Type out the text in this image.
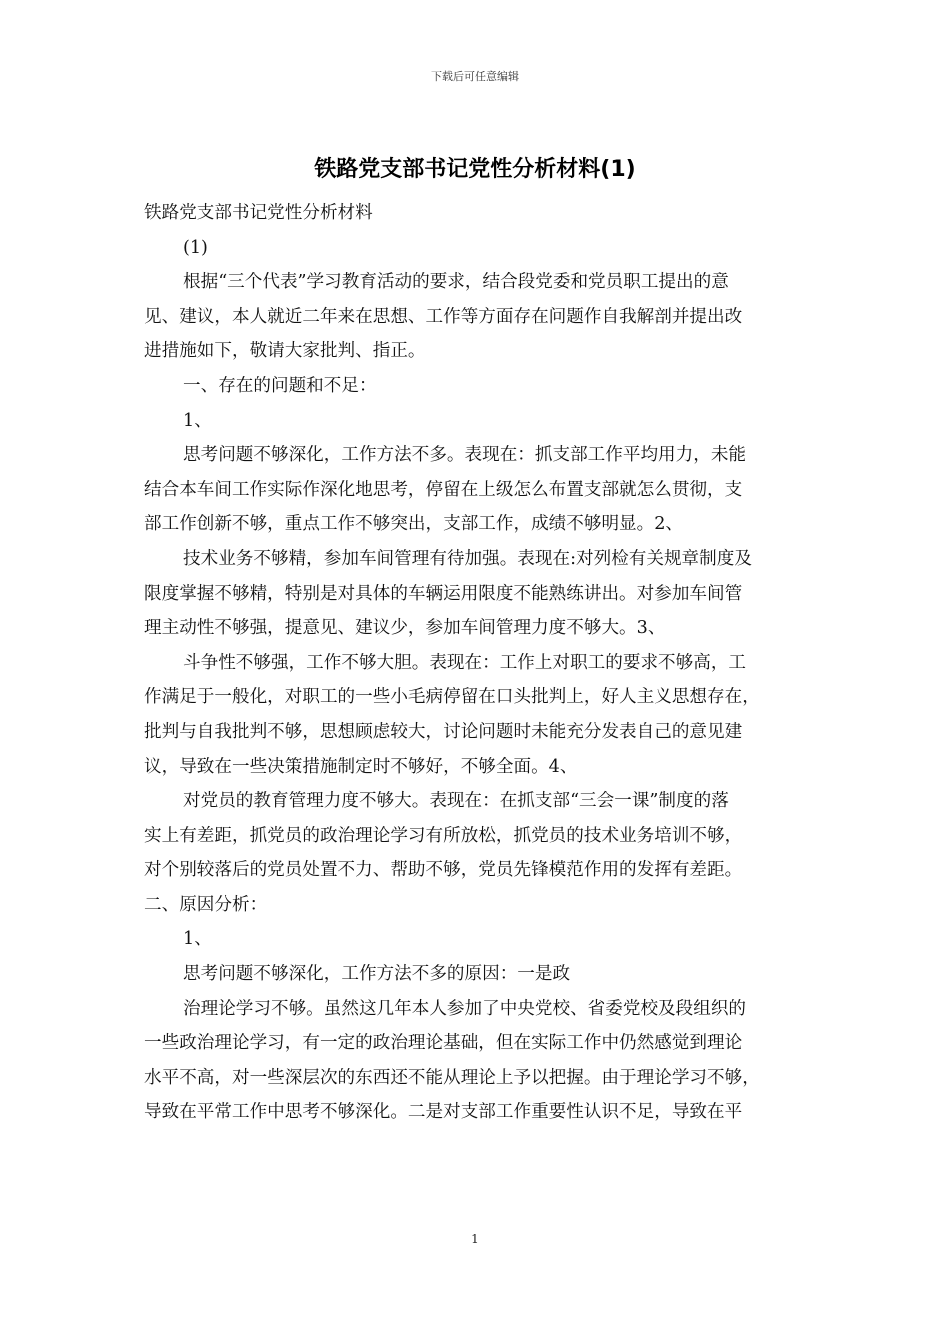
下载后可任意编辑
铁路党支部书记党性分析材料(1)
铁路党支部书记党性分析材料
(1)
根据“三个代表”学习教育活动的要求，结合段党委和党员职工提出的意
见、建议，本人就近二年来在思想、工作等方面存在问题作自我解剖并提出改
进措施如下，敬请大家批判、指正。
一、存在的问题和不足：
1、
思考问题不够深化，工作方法不多。表现在：抓支部工作平均用力，未能
结合本车间工作实际作深化地思考，停留在上级怎么布置支部就怎么贯彻，支
部工作创新不够，重点工作不够突出，支部工作，成绩不够明显。2、
技术业务不够精，参加车间管理有待加强。表现在:对列检有关规章制度及
限度掌握不够精，特别是对具体的车辆运用限度不能熟练讲出。对参加车间管
理主动性不够强，提意见、建议少，参加车间管理力度不够大。3、
斗争性不够强，工作不够大胆。表现在：工作上对职工的要求不够高，工
作满足于一般化，对职工的一些小毛病停留在口头批判上，好人主义思想存在，
批判与自我批判不够，思想顾虑较大，讨论问题时未能充分发表自己的意见建
议，导致在一些决策措施制定时不够好，不够全面。4、
对党员的教育管理力度不够大。表现在：在抓支部“三会一课”制度的落
实上有差距，抓党员的政治理论学习有所放松，抓党员的技术业务培训不够，
对个别较落后的党员处置不力、帮助不够，党员先锋模范作用的发挥有差距。
二、原因分析：
1、
思考问题不够深化，工作方法不多的原因：一是政
治理论学习不够。虽然这几年本人参加了中央党校、省委党校及段组织的
一些政治理论学习，有一定的政治理论基础，但在实际工作中仍然感觉到理论
水平不高，对一些深层次的东西还不能从理论上予以把握。由于理论学习不够，
导致在平常工作中思考不够深化。二是对支部工作重要性认识不足，导致在平
1
